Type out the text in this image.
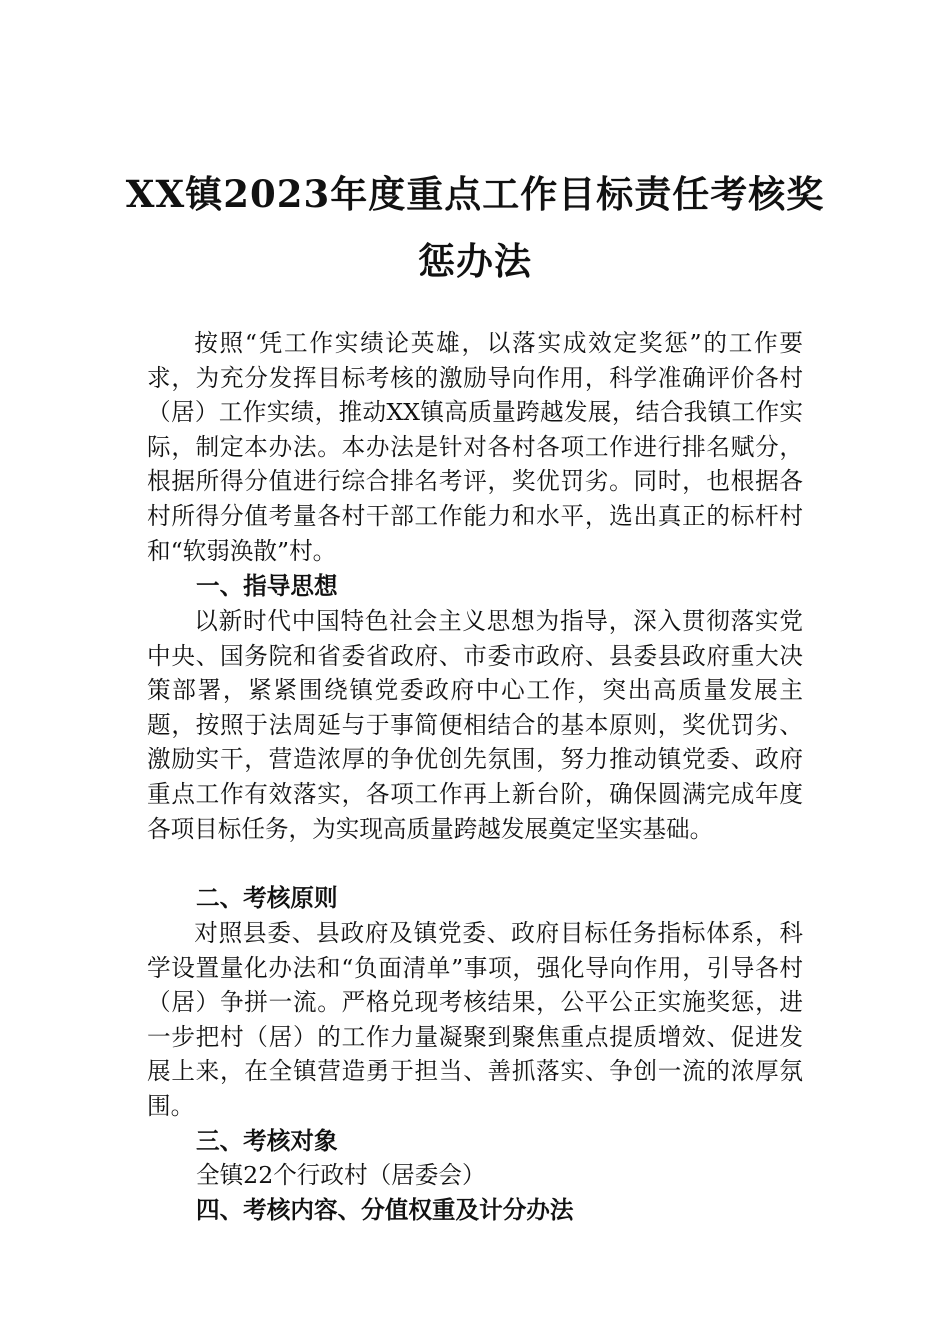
XX镇2023年度重点工作目标责任考核奖
惩办法
按照“凭工作实绩论英雄，以落实成效定奖惩”的工作要求，为充分发挥目标考核的激励导向作用，科学准确评价各村（居）工作实绩，推动XX镇高质量跨越发展，结合我镇工作实际，制定本办法。本办法是针对各村各项工作进行排名赋分，根据所得分值进行综合排名考评，奖优罚劣。同时，也根据各村所得分值考量各村干部工作能力和水平，选出真正的标杆村和“软弱涣散”村。
一、指导思想
以新时代中国特色社会主义思想为指导，深入贯彻落实党中央、国务院和省委省政府、市委市政府、县委县政府重大决策部署，紧紧围绕镇党委政府中心工作，突出高质量发展主题，按照于法周延与于事简便相结合的基本原则，奖优罚劣、激励实干，营造浓厚的争优创先氛围，努力推动镇党委、政府重点工作有效落实，各项工作再上新台阶，确保圆满完成年度各项目标任务，为实现高质量跨越发展奠定坚实基础。
二、考核原则
对照县委、县政府及镇党委、政府目标任务指标体系，科学设置量化办法和“负面清单”事项，强化导向作用，引导各村（居）争拼一流。严格兑现考核结果，公平公正实施奖惩，进一步把村（居）的工作力量凝聚到聚焦重点提质增效、促进发展上来，在全镇营造勇于担当、善抓落实、争创一流的浓厚氛围。
三、考核对象
全镇22个行政村（居委会）
四、考核内容、分值权重及计分办法
